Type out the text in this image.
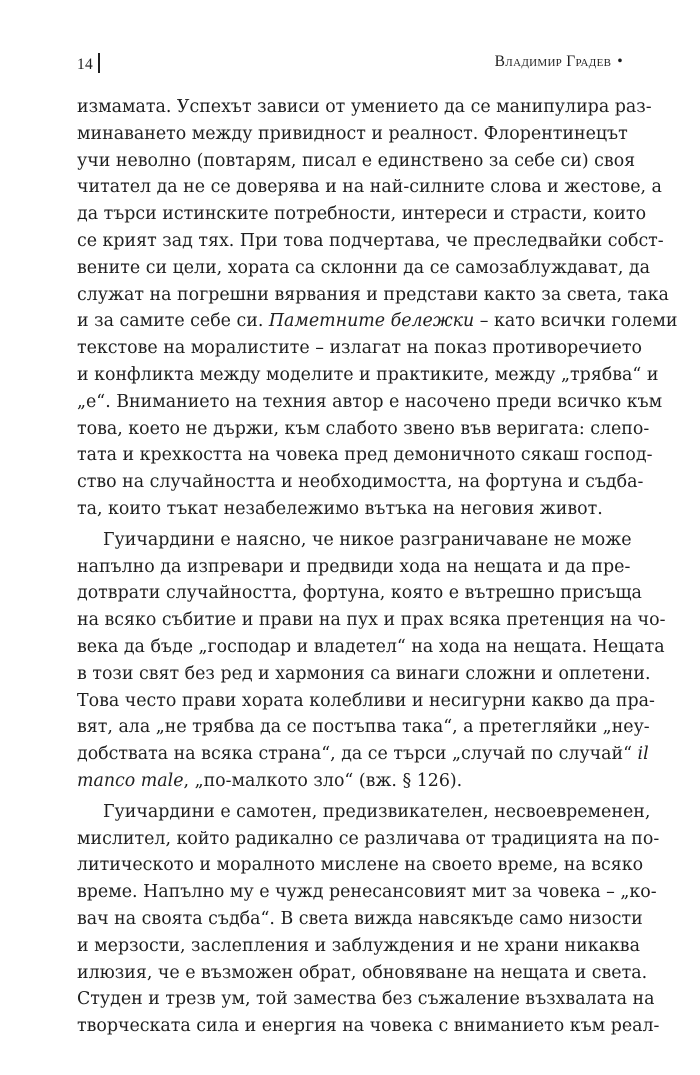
14	Владимир Градев •
измамата. Успехът зависи от умението да се манипулира раз-
минаването между привидност и реалност. Флорентинецът
учи неволно (повтарям, писал е единствено за себе си) своя
читател да не се доверява и на най-силните слова и жестове, а
да търси истинските потребности, интереси и страсти, които
се крият зад тях. При това подчертава, че преследвайки собст-
вените си цели, хората са склонни да се самозаблуждават, да
служат на погрешни вярвания и представи както за света, така
и за самите себе си. Паметните бележки – като всички големи
текстове на моралистите – излагат на показ противоречието
и конфликта между моделите и практиките, между „трябва“ и
„е“. Вниманието на техния автор е насочено преди всичко към
това, което не държи, към слабото звено във веригата: слепо-
тата и крехкостта на човека пред демоничното сякаш господ-
ство на случайността и необходимостта, на фортуна и съдба-
та, които тъкат незабележимо вътъка на неговия живот.
Гуичардини е наясно, че никое разграничаване не може
напълно да изпревари и предвиди хода на нещата и да пре-
дотврати случайността, фортуна, която е вътрешно присъща
на всяко събитие и прави на пух и прах всяка претенция на чо-
века да бъде „господар и владетел“ на хода на нещата. Нещата
в този свят без ред и хармония са винаги сложни и оплетени.
Това често прави хората колебливи и несигурни какво да пра-
вят, ала „не трябва да се постъпва така“, а претегляйки „неу-
добствата на всяка страна“, да се търси „случай по случай“ il
manco male, „по-малкото зло“ (вж. § 126).
Гуичардини е самотен, предизвикателен, несвоевременен,
мислител, който радикално се различава от традицията на по-
литическото и моралното мислене на своето време, на всяко
време. Напълно му е чужд ренесансовият мит за човека – „ко-
вач на своята съдба“. В света вижда навсякъде само низости
и мерзости, заслепления и заблуждения и не храни никаква
илюзия, че е възможен обрат, обновяване на нещата и света.
Студен и трезв ум, той замества без съжаление възхвалата на
творческата сила и енергия на човека с вниманието към реал-
